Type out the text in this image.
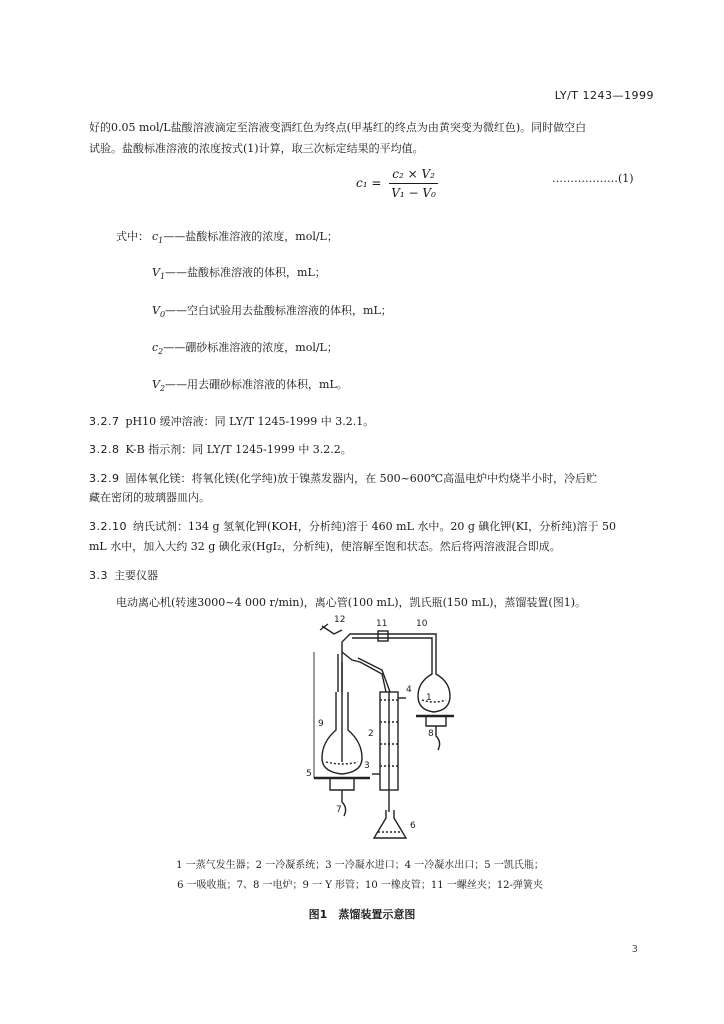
LY/T 1243—1999
好的0.05 mol/L盐酸溶液滴定至溶液变酒红色为终点(甲基红的终点为由黄突变为微红色)。同时做空白
试验。盐酸标准溶液的浓度按式(1)计算，取三次标定结果的平均值。
$c_1 = \frac{\text{c₂ × V₂}}{\text{V₁ − V₀}}$	………………(1)
式中： $c_1——$盐酸标准溶液的浓度，mol/L；
$V_1——$盐酸标准溶液的体积，mL；
$V_0——$空白试验用去盐酸标准溶液的体积，mL；
$c_2——$硼砂标准溶液的浓度，mol/L；
$V_2——$用去硼砂标准溶液的体积，mL。
3.2.7 pH10 缓冲溶液：同 LY/T 1245-1999 中 3.2.1。
3.2.8 K-B 指示剂：同 LY/T 1245-1999 中 3.2.2。
3.2.9 固体氧化镁：将氧化镁(化学纯)放于镍蒸发器内，在 500~600℃高温电炉中灼烧半小时，冷后贮
藏在密闭的玻璃器皿内。
3.2.10 纳氏试剂：134 g 氢氧化钾(KOH，分析纯)溶于 460 mL 水中。20 g 碘化钾(KI，分析纯)溶于 50
mL 水中，加入大约 32 g 碘化汞(HgI₂，分析纯)，使溶解至饱和状态。然后将两溶液混合即成。
3.3 主要仪器
电动离心机(转速3000~4 000 r/min)，离心管(100 mL)，凯氏瓶(150 mL)，蒸馏装置(图1)。
1
2
3
4
5
6
7
8
9
10
11
12
1 一蒸气发生器；2 一冷凝系统；3 一冷凝水进口；4 一冷凝水出口；5 一凯氏瓶；
6 一吸收瓶；7、8 一电炉；9 一 Y 形管；10 一橡皮管；11 一螺丝夹；12-弹簧夹
图1　蒸馏装置示意图
3
